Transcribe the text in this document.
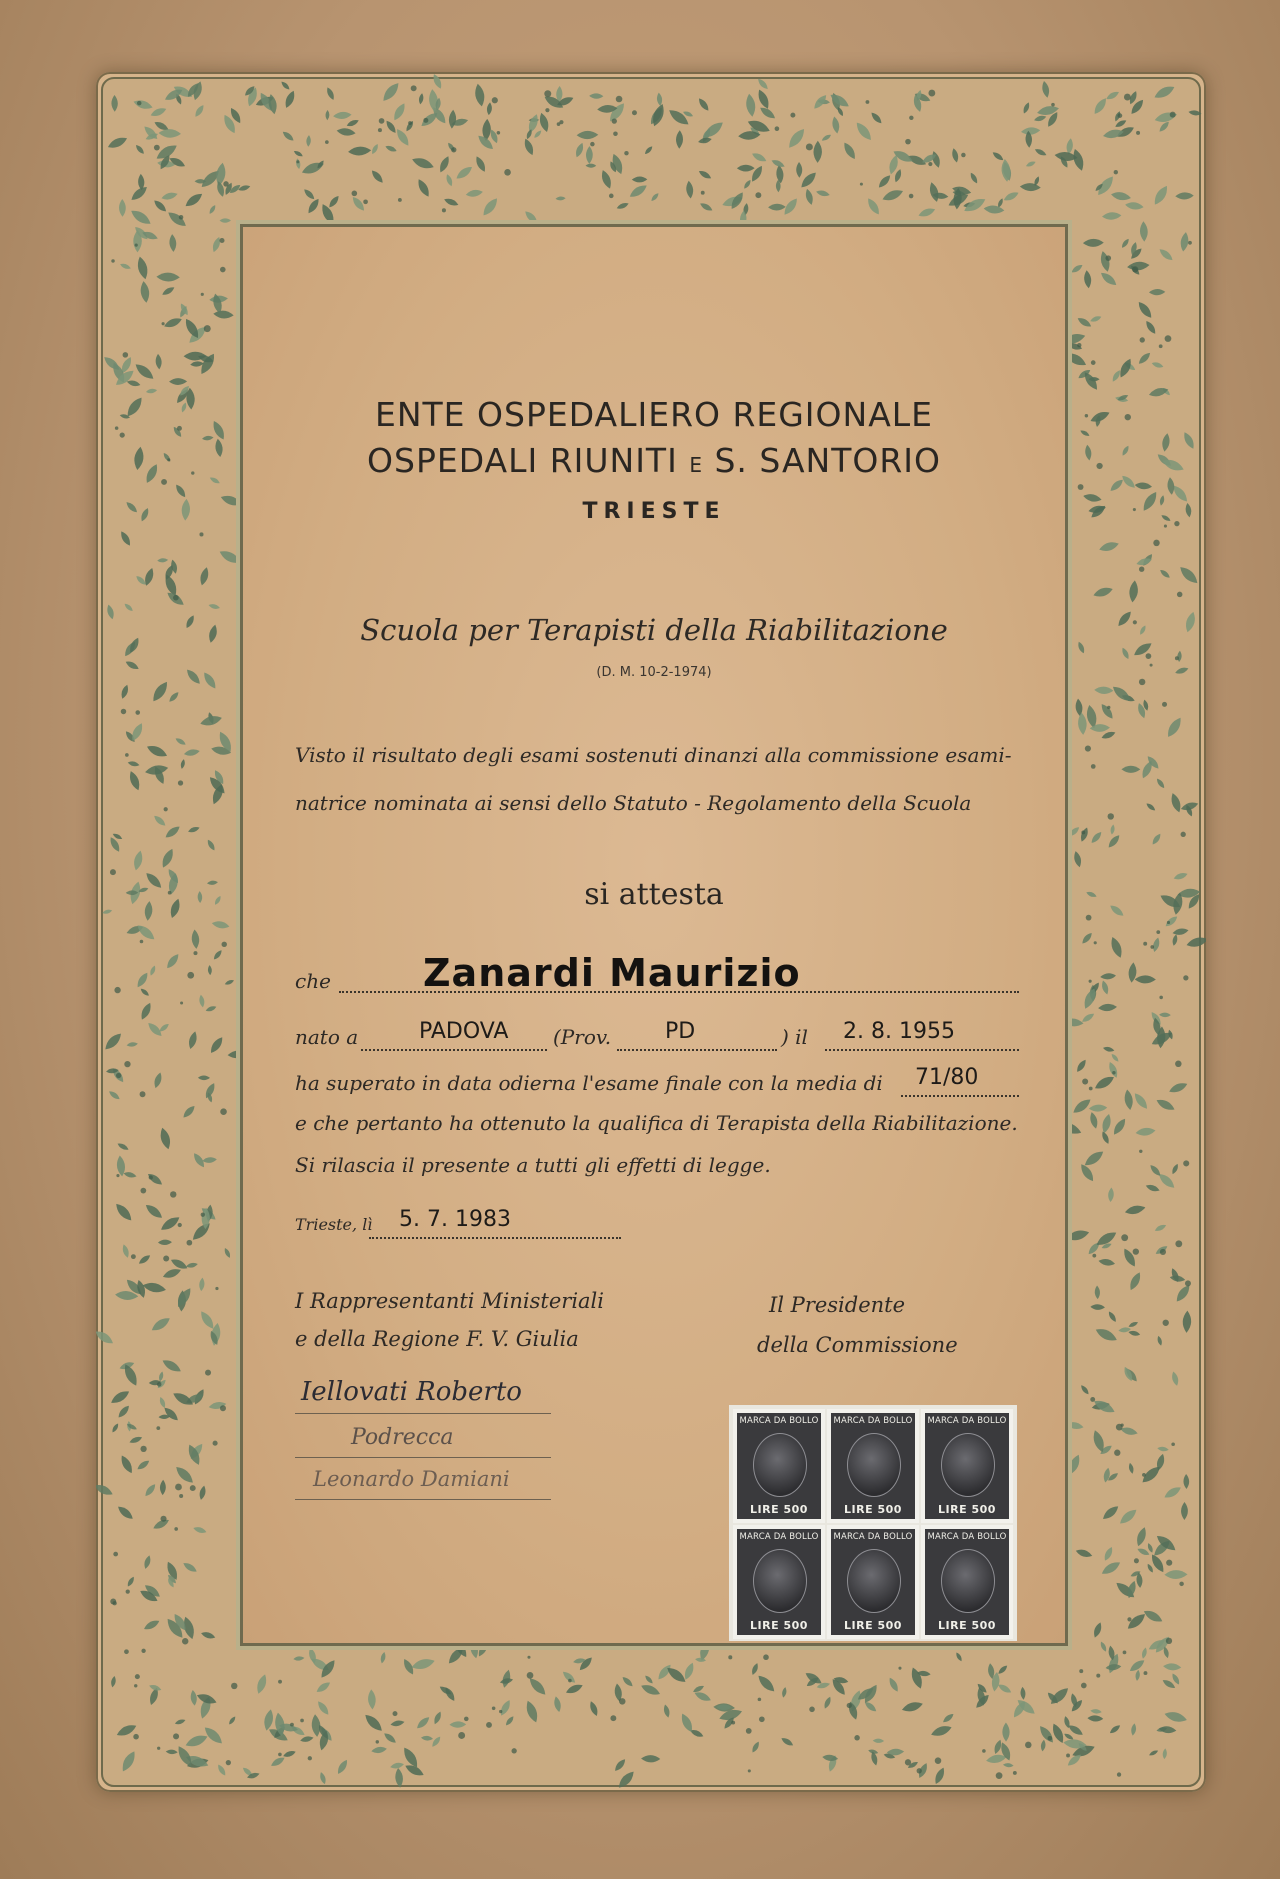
ENTE OSPEDALIERO REGIONALE
OSPEDALI RIUNITI E S. SANTORIO
TRIESTE
Scuola per Terapisti della Riabilitazione
(D. M. 10-2-1974)
Visto il risultato degli esami sostenuti dinanzi alla commissione esami-
natrice nominata ai sensi dello Statuto - Regolamento della Scuola
si attesta
che Zanardi Maurizio
nato a	PADOVA (Prov. PD	) il 2. 8. 1955
ha superato in data odierna l'esame finale con la media di 71/80
e che pertanto ha ottenuto la qualifica di Terapista della Riabilitazione.
Si rilascia il presente a tutti gli effetti di legge.
Trieste, lì 5. 7. 1983
I Rappresentanti Ministeriali
e della Regione F. V. Giulia
Il Presidente
della Commissione
Iellovati Roberto
Podrecca
Leonardo Damiani
MARCA DA BOLLO
LIRE 500
MARCA DA BOLLO
LIRE 500
MARCA DA BOLLO
LIRE 500
MARCA DA BOLLO
LIRE 500
MARCA DA BOLLO
LIRE 500
MARCA DA BOLLO
LIRE 500
